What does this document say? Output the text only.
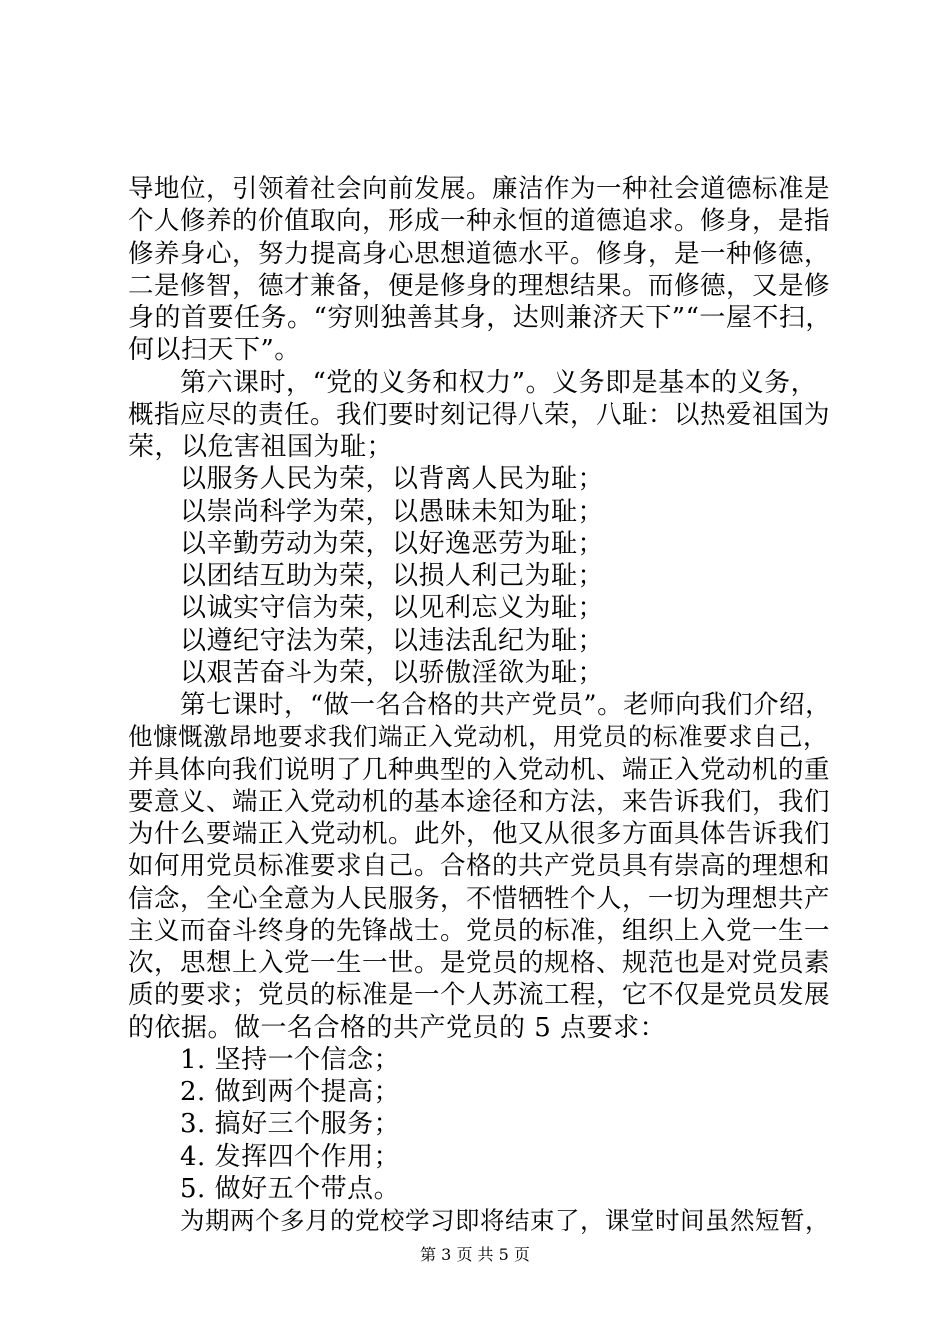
导地位，引领着社会向前发展。廉洁作为一种社会道德标准是
个人修养的价值取向，形成一种永恒的道德追求。修身，是指
修养身心，努力提高身心思想道德水平。修身，是一种修德，
二是修智，德才兼备，便是修身的理想结果。而修德，又是修
身的首要任务。“穷则独善其身，达则兼济天下”“一屋不扫，
何以扫天下”。
第六课时，“党的义务和权力”。义务即是基本的义务，
概指应尽的责任。我们要时刻记得八荣，八耻：以热爱祖国为
荣，以危害祖国为耻；
以服务人民为荣，以背离人民为耻；
以崇尚科学为荣，以愚昧未知为耻；
以辛勤劳动为荣，以好逸恶劳为耻；
以团结互助为荣，以损人利己为耻；
以诚实守信为荣，以见利忘义为耻；
以遵纪守法为荣，以违法乱纪为耻；
以艰苦奋斗为荣，以骄傲淫欲为耻；
第七课时，“做一名合格的共产党员”。老师向我们介绍，
他慷慨激昂地要求我们端正入党动机，用党员的标准要求自己，
并具体向我们说明了几种典型的入党动机、端正入党动机的重
要意义、端正入党动机的基本途径和方法，来告诉我们，我们
为什么要端正入党动机。此外，他又从很多方面具体告诉我们
如何用党员标准要求自己。合格的共产党员具有崇高的理想和
信念，全心全意为人民服务，不惜牺牲个人，一切为理想共产
主义而奋斗终身的先锋战士。党员的标准，组织上入党一生一
次，思想上入党一生一世。是党员的规格、规范也是对党员素
质的要求；党员的标准是一个人苏流工程，它不仅是党员发展
的依据。做一名合格的共产党员的 5 点要求：
1. 坚持一个信念；
2. 做到两个提高；
3. 搞好三个服务；
4. 发挥四个作用；
5. 做好五个带点。
为期两个多月的党校学习即将结束了，课堂时间虽然短暂，
第 3 页 共 5 页
